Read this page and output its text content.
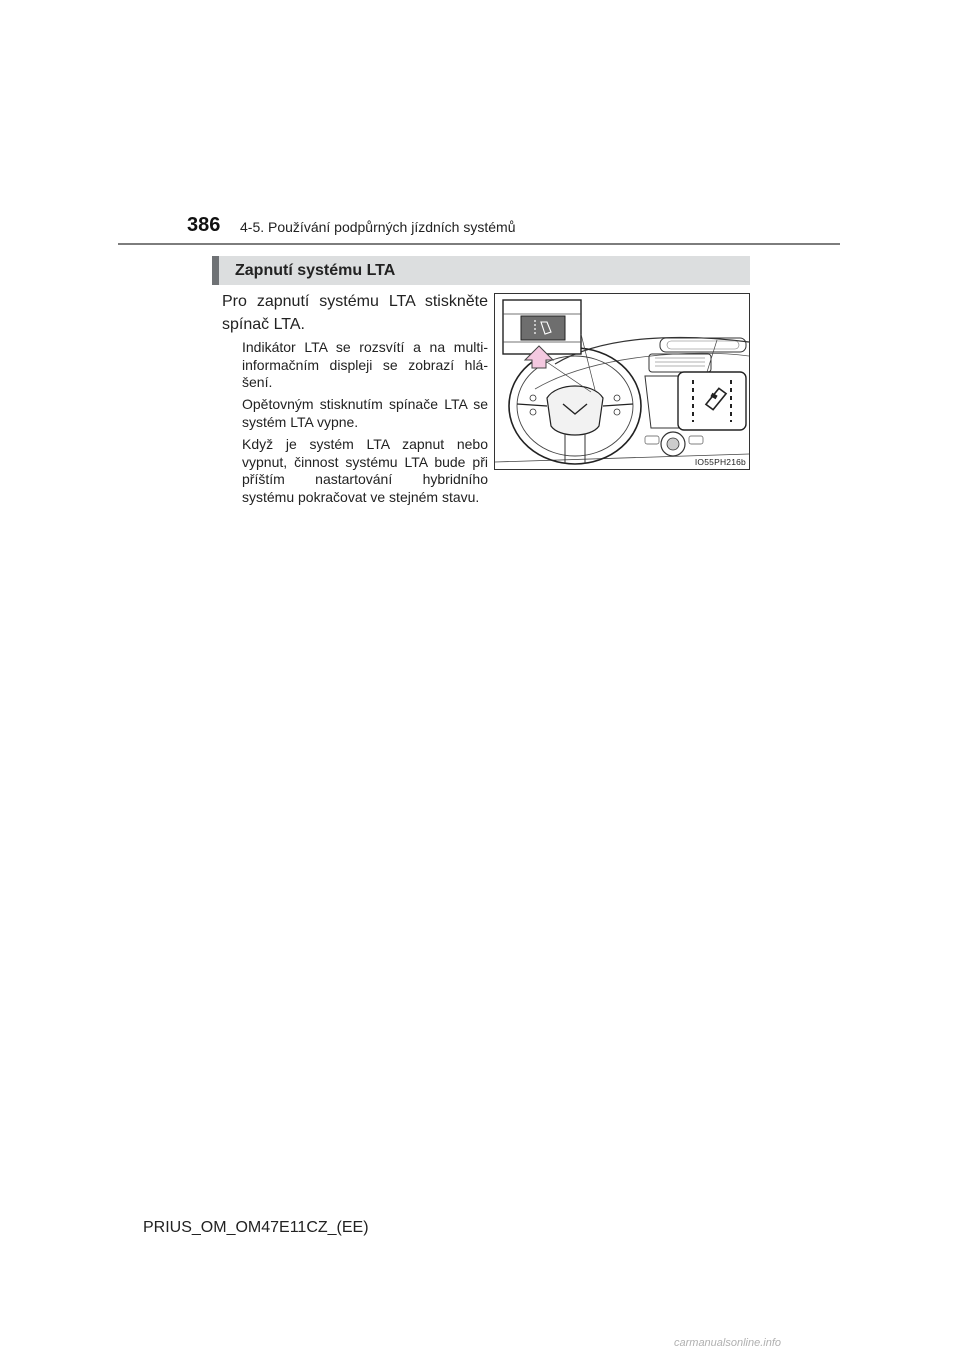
386 4-5. Používání podpůrných jízdních systémů
Zapnutí systému LTA
Pro zapnutí systému LTA stiskněte spínač LTA.
Indikátor LTA se rozsvítí a na multi-informačním displeji se zobrazí hlá-šení.
Opětovným stisknutím spínače LTA se systém LTA vypne.
Když je systém LTA zapnut nebo vypnut, činnost systému LTA bude při příštím nastartování hybridního systému pokračovat ve stejném stavu.
IO55PH216b
PRIUS_OM_OM47E11CZ_(EE)
carmanualsonline.info
